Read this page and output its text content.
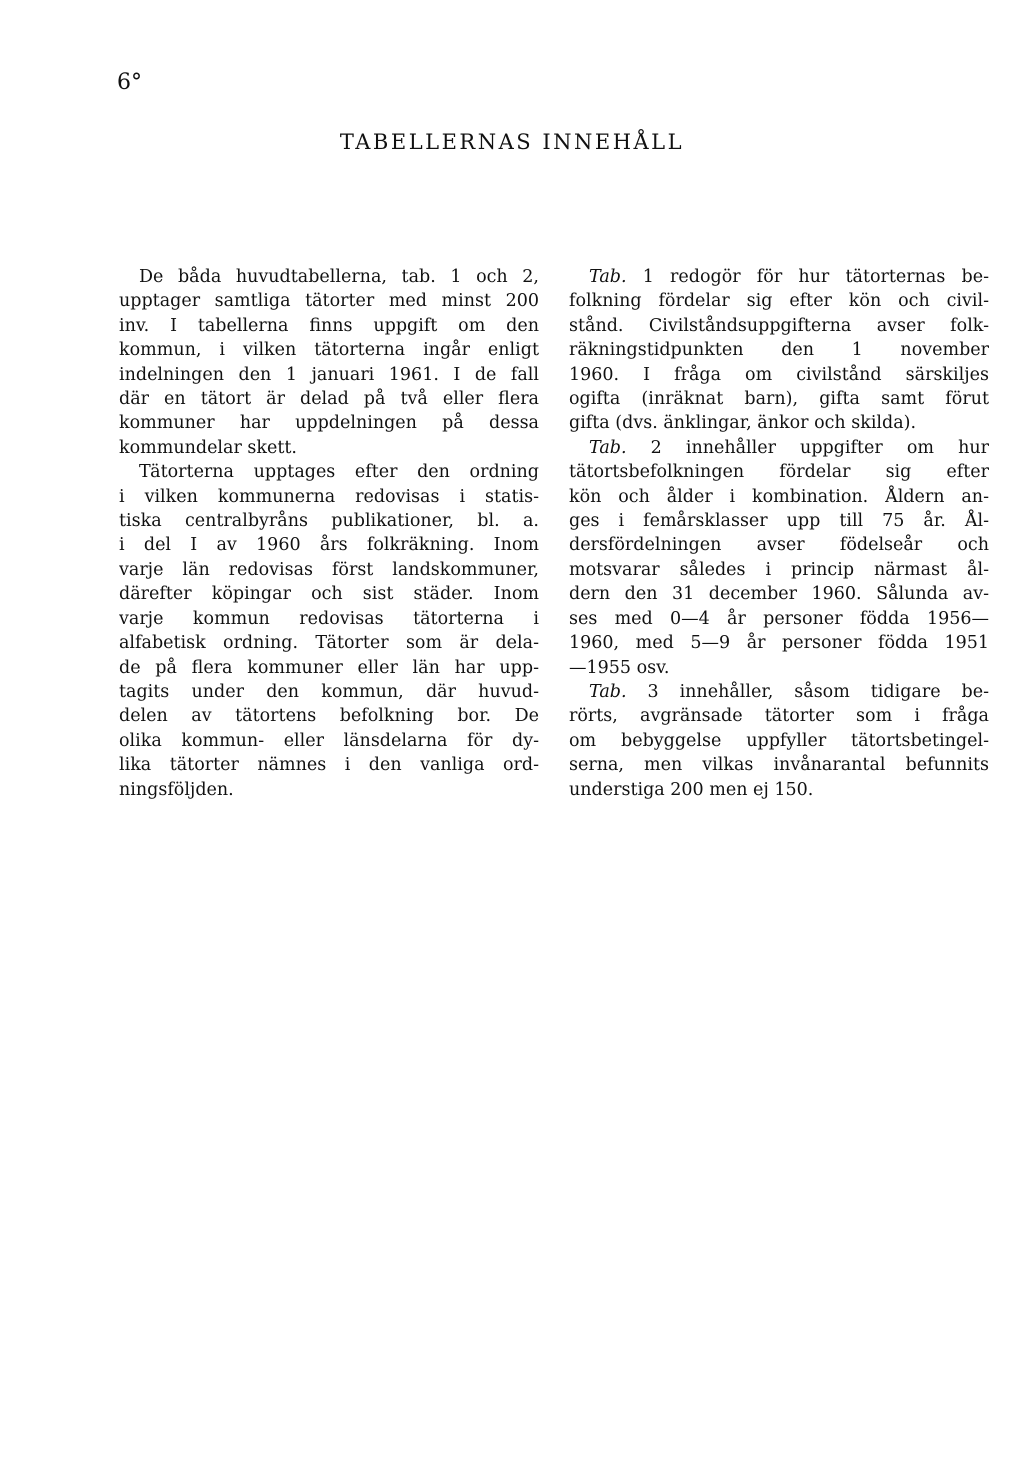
6°
TABELLERNAS INNEHÅLL
De båda huvudtabellerna, tab. 1 och 2,
upptager samtliga tätorter med minst 200
inv. I tabellerna finns uppgift om den
kommun, i vilken tätorterna ingår enligt
indelningen den 1 januari 1961. I de fall
där en tätort är delad på två eller flera
kommuner har uppdelningen på dessa
kommundelar skett.
Tätorterna upptages efter den ordning
i vilken kommunerna redovisas i statis-
tiska centralbyråns publikationer, bl. a.
i del I av 1960 års folkräkning. Inom
varje län redovisas först landskommuner,
därefter köpingar och sist städer. Inom
varje kommun redovisas tätorterna i
alfabetisk ordning. Tätorter som är dela-
de på flera kommuner eller län har upp-
tagits under den kommun, där huvud-
delen av tätortens befolkning bor. De
olika kommun- eller länsdelarna för dy-
lika tätorter nämnes i den vanliga ord-
ningsföljden.
Tab. 1 redogör för hur tätorternas be-
folkning fördelar sig efter kön och civil-
stånd. Civilståndsuppgifterna avser folk-
räkningstidpunkten den 1 november
1960. I fråga om civilstånd särskiljes
ogifta (inräknat barn), gifta samt förut
gifta (dvs. änklingar, änkor och skilda).
Tab. 2 innehåller uppgifter om hur
tätortsbefolkningen fördelar sig efter
kön och ålder i kombination. Åldern an-
ges i femårsklasser upp till 75 år. Ål-
dersfördelningen avser födelseår och
motsvarar således i princip närmast ål-
dern den 31 december 1960. Sålunda av-
ses med 0—4 år personer födda 1956—
1960, med 5—9 år personer födda 1951
—1955 osv.
Tab. 3 innehåller, såsom tidigare be-
rörts, avgränsade tätorter som i fråga
om bebyggelse uppfyller tätortsbetingel-
serna, men vilkas invånarantal befunnits
understiga 200 men ej 150.
